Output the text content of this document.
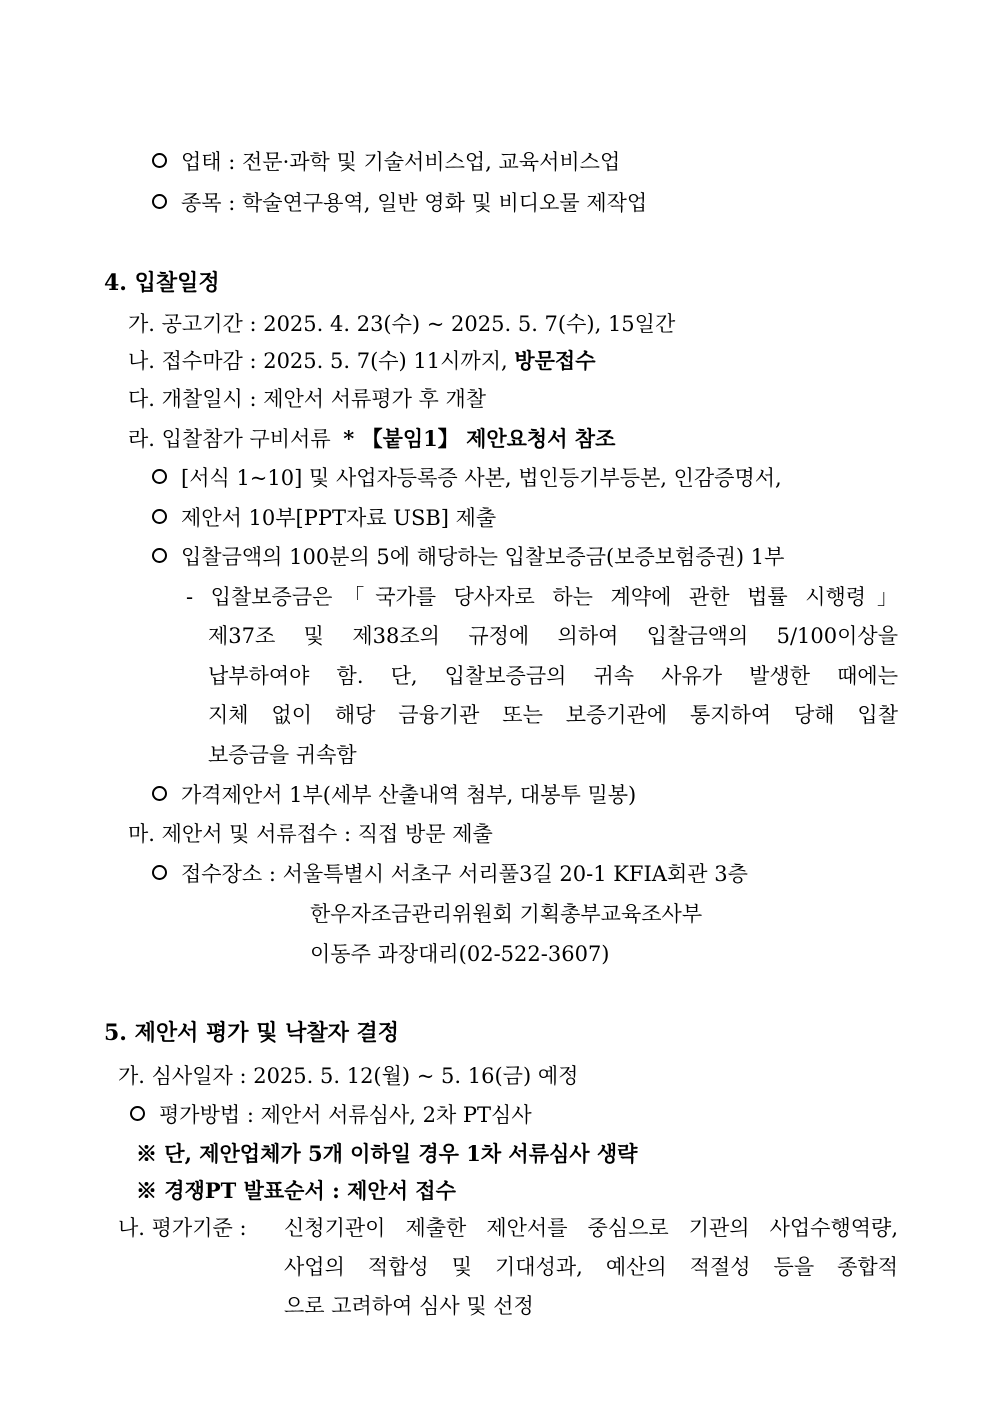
업태 : 전문·과학 및 기술서비스업, 교육서비스업
종목 : 학술연구용역, 일반 영화 및 비디오물 제작업
4. 입찰일정
가. 공고기간 : 2025. 4. 23(수) ~ 2025. 5. 7(수), 15일간
나. 접수마감 : 2025. 5. 7(수) 11시까지, 방문접수
다. 개찰일시 : 제안서 서류평가 후 개찰
라. 입찰참가 구비서류 * 【붙임1】 제안요청서 참조
[서식 1~10] 및 사업자등록증 사본, 법인등기부등본, 인감증명서,
제안서 10부[PPT자료 USB] 제출
입찰금액의 100분의 5에 해당하는 입찰보증금(보증보험증권) 1부
- 입찰보증금은「국가를 당사자로 하는 계약에 관한 법률 시행령」
제37조 및 제38조의 규정에 의하여 입찰금액의 5/100이상을
납부하여야 함. 단, 입찰보증금의 귀속 사유가 발생한 때에는
지체 없이 해당 금융기관 또는 보증기관에 통지하여 당해 입찰
보증금을 귀속함
가격제안서 1부(세부 산출내역 첨부, 대봉투 밀봉)
마. 제안서 및 서류접수 : 직접 방문 제출
접수장소 : 서울특별시 서초구 서리풀3길 20-1 KFIA회관 3층
한우자조금관리위원회 기획총부교육조사부
이동주 과장대리(02-522-3607)
5. 제안서 평가 및 낙찰자 결정
가. 심사일자 : 2025. 5. 12(월) ~ 5. 16(금) 예정
평가방법 : 제안서 서류심사, 2차 PT심사
※ 단, 제안업체가 5개 이하일 경우 1차 서류심사 생략
※ 경쟁PT 발표순서 : 제안서 접수
나. 평가기준 : 신청기관이 제출한 제안서를 중심으로 기관의 사업수행역량,
사업의 적합성 및 기대성과, 예산의 적절성 등을 종합적
으로 고려하여 심사 및 선정
